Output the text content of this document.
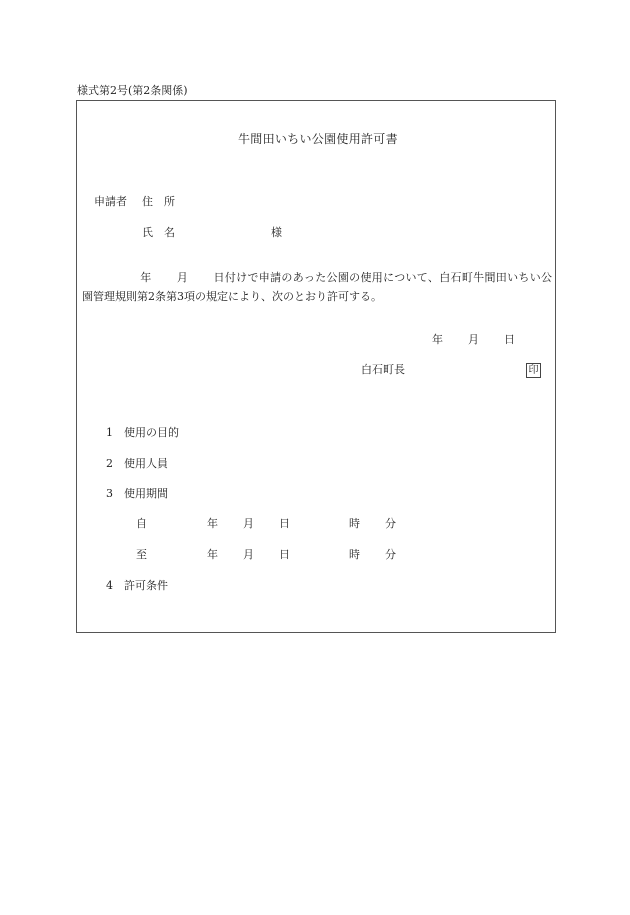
様式第2号(第2条関係)
牛間田いちい公園使用許可書
申請者 住　所
氏　名	様
年 月 日付けで申請のあった公園の使用について、白石町牛間田いちい公園管理規則第2条第3項の規定により、次のとおり許可する。
年 月 日
白石町長	印
1 使用の目的
2 使用人員
3 使用期間
自	年 月 日	時 分
至	年 月 日	時 分
4 許可条件
